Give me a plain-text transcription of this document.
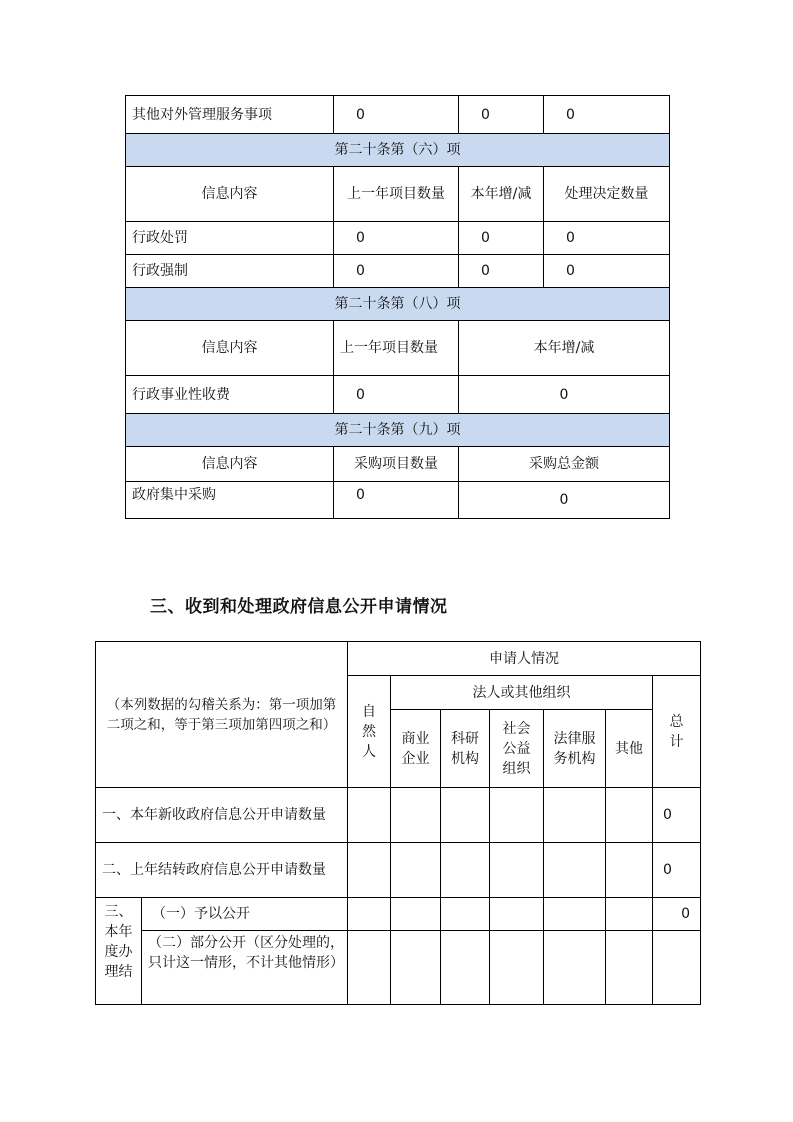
其他对外管理服务事项	0	0	0
第二十条第（六）项			
信息内容	上一年项目数量	本年增/减	处理决定数量
行政处罚	0	0	0
行政强制	0	0	0
第二十条第（八）项			
信息内容	上一年项目数量	本年增/减	
行政事业性收费	0	0	
第二十条第（九）项			
信息内容	采购项目数量	采购总金额	
政府集中采购	0	0	
三、收到和处理政府信息公开申请情况
（本列数据的勾稽关系为：第一项加第二项之和，等于第三项加第四项之和）		申请人情况						
		自然人	法人或其他组织					总计
			商业企业	科研机构	社会公益组织	法律服务机构	其他	
一、本年新收政府信息公开申请数量								0
二、上年结转政府信息公开申请数量								0
三、本年度办理结	（一）予以公开							0
	（二）部分公开（区分处理的，只计这一情形，不计其他情形）							
